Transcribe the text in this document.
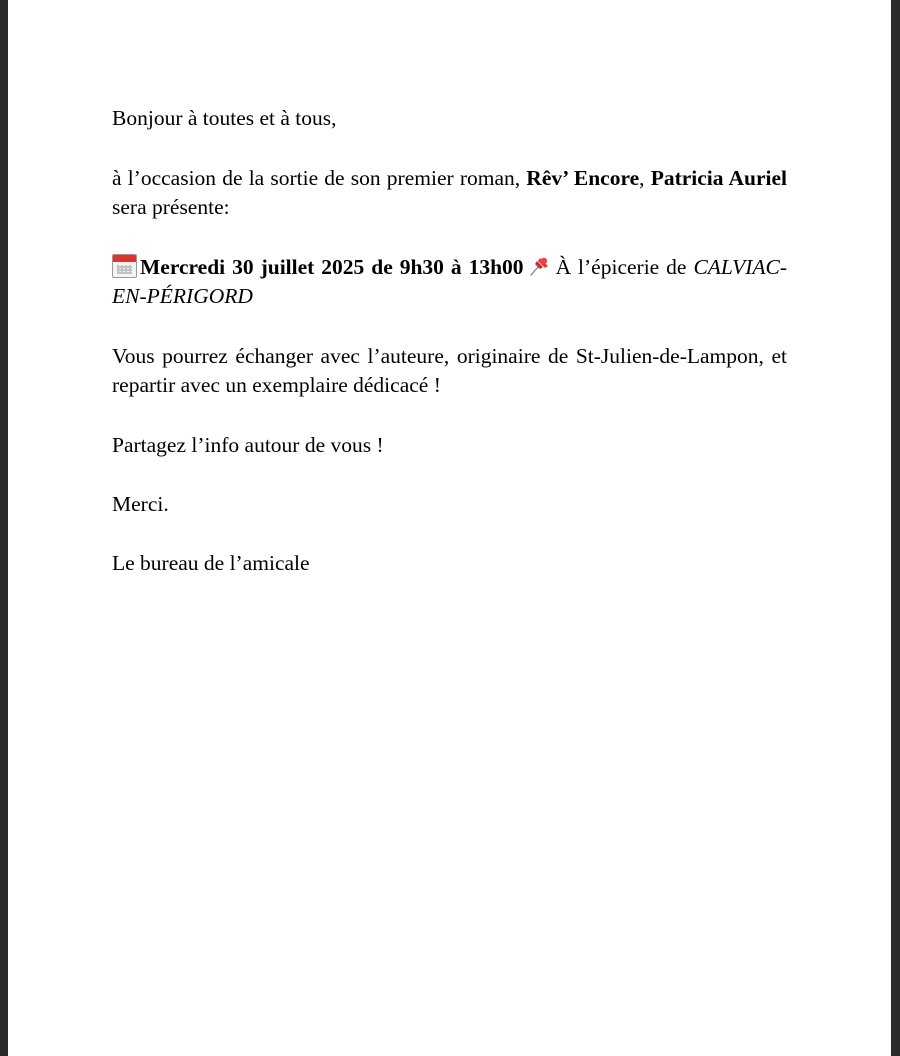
Bonjour à toutes et à tous,

à l’occasion de la sortie de son premier roman, Rêv’ Encore, Patricia Auriel sera présente:

Mercredi 30 juillet 2025 de 9h30 à 13h00 À l’épicerie de CALVIAC-EN-PÉRIGORD

Vous pourrez échanger avec l’auteure, originaire de St-Julien-de-Lampon, et repartir avec un exemplaire dédicacé !

Partagez l’info autour de vous !

Merci.

Le bureau de l’amicale
